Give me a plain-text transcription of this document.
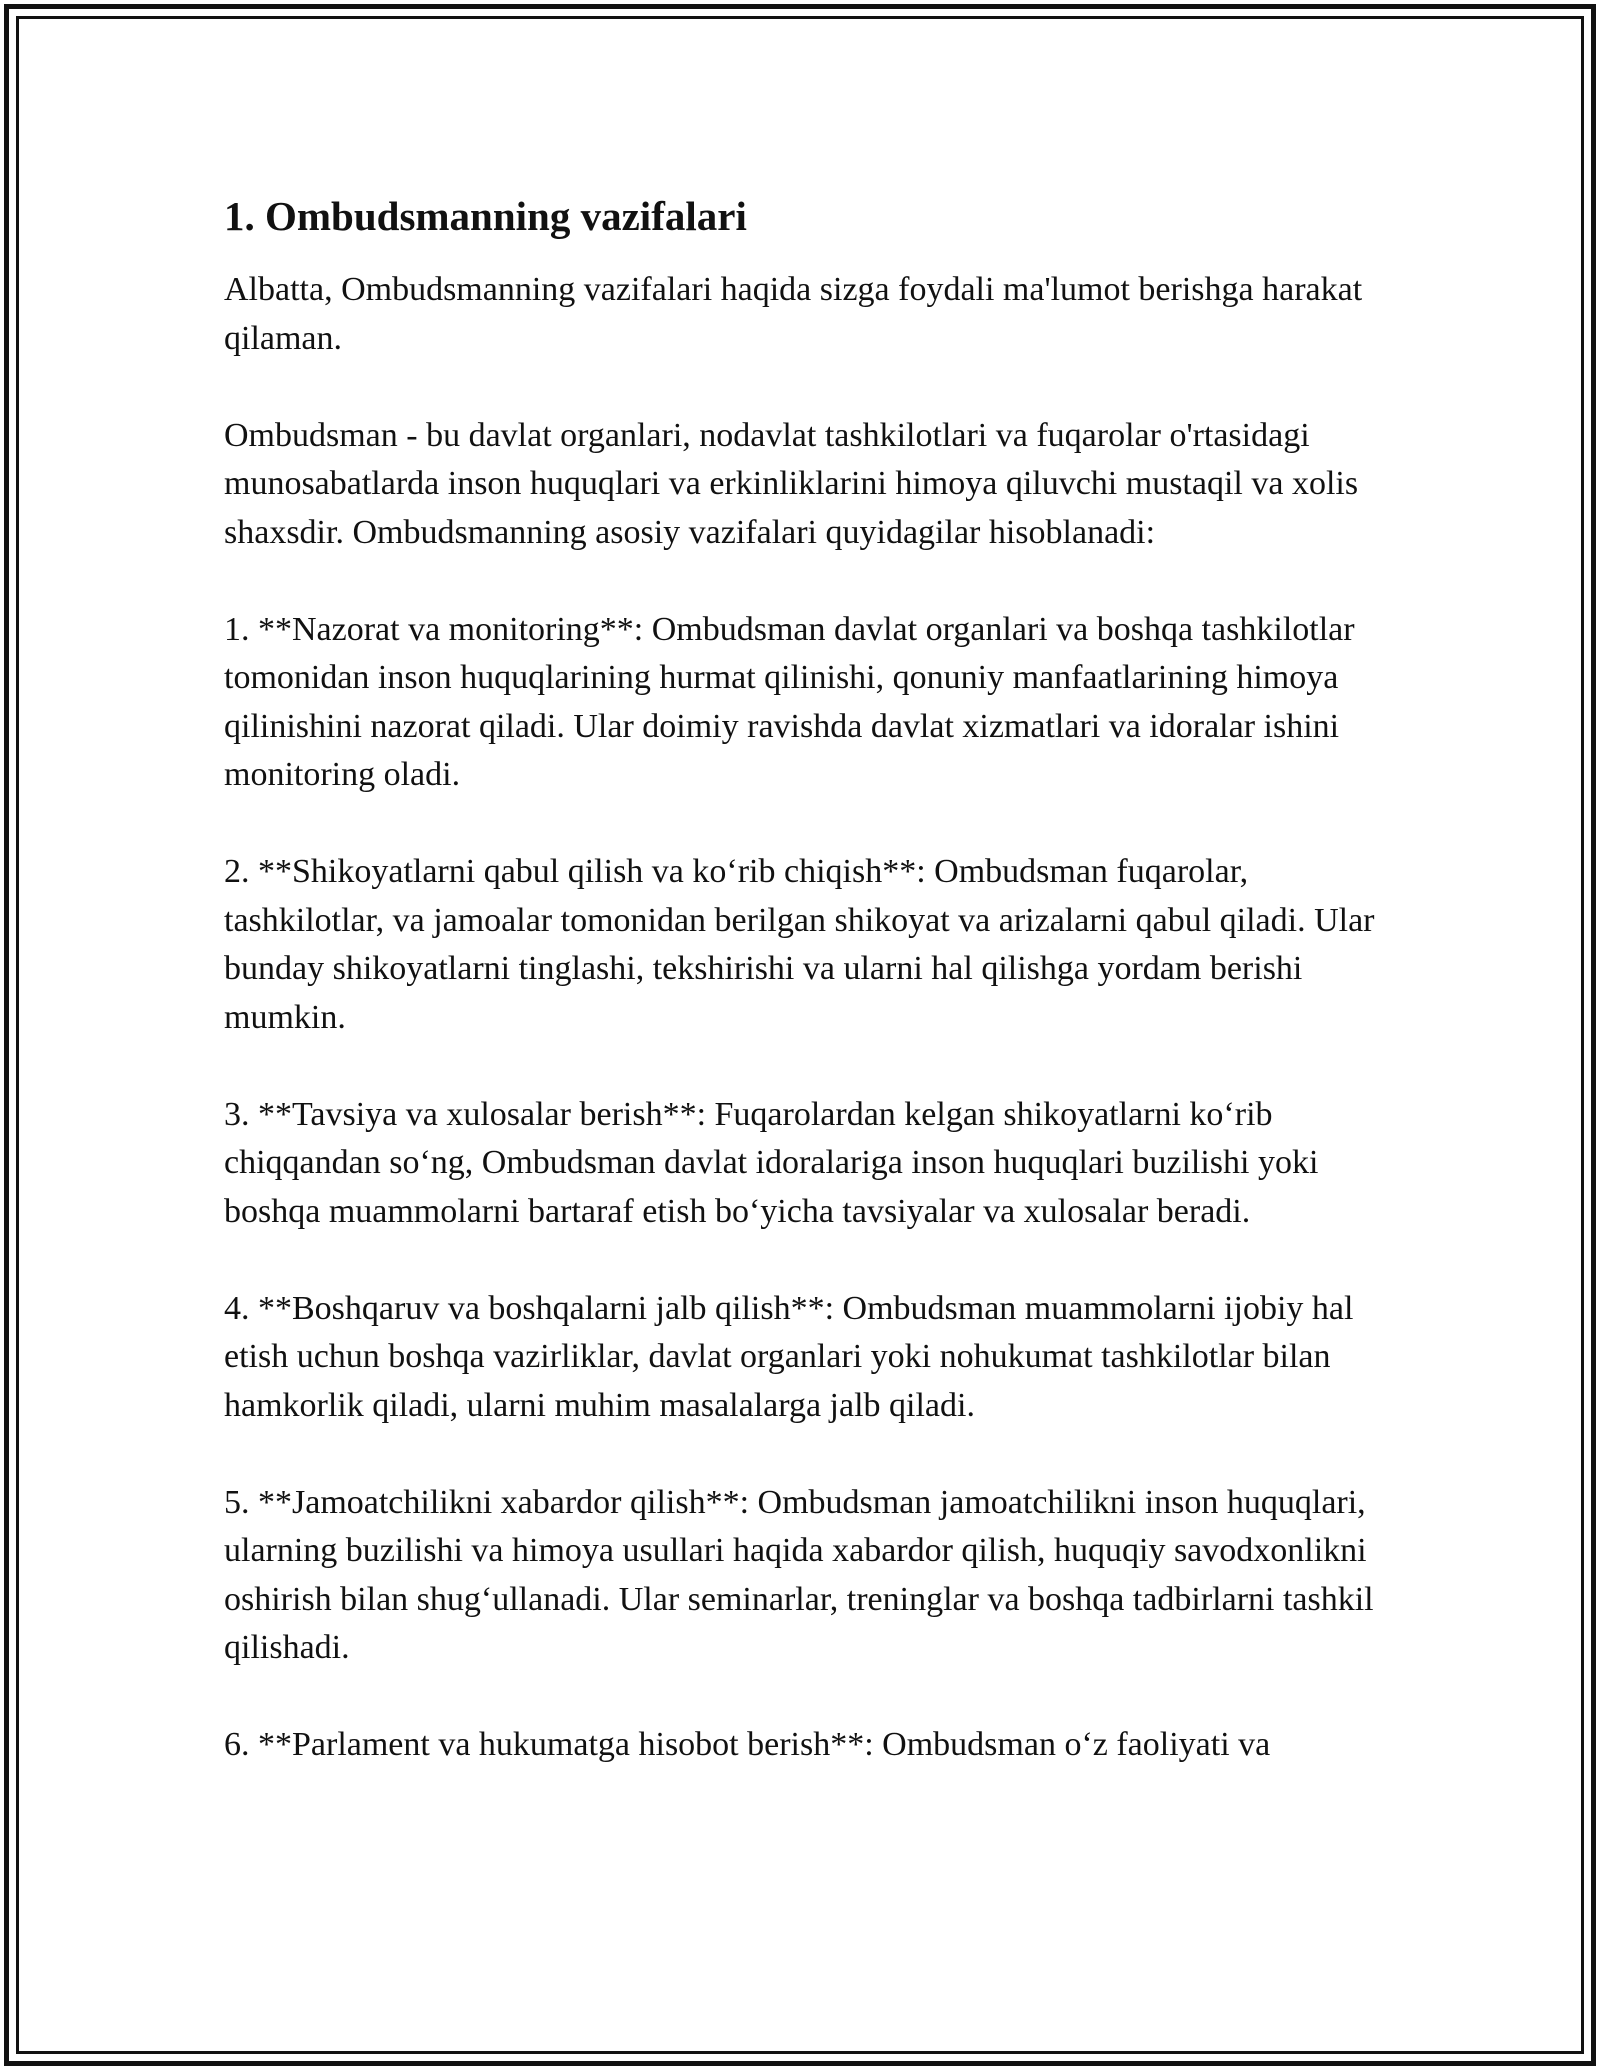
1. Ombudsmanning vazifalari

Albatta, Ombudsmanning vazifalari haqida sizga foydali ma'lumot berishga harakat qilaman.

Ombudsman - bu davlat organlari, nodavlat tashkilotlari va fuqarolar o'rtasidagi munosabatlarda inson huquqlari va erkinliklarini himoya qiluvchi mustaqil va xolis shaxsdir. Ombudsmanning asosiy vazifalari quyidagilar hisoblanadi:

1. **Nazorat va monitoring**: Ombudsman davlat organlari va boshqa tashkilotlar tomonidan inson huquqlarining hurmat qilinishi, qonuniy manfaatlarining himoya qilinishini nazorat qiladi. Ular doimiy ravishda davlat xizmatlari va idoralar ishini monitoring oladi.

2. **Shikoyatlarni qabul qilish va ko‘rib chiqish**: Ombudsman fuqarolar, tashkilotlar, va jamoalar tomonidan berilgan shikoyat va arizalarni qabul qiladi. Ular bunday shikoyatlarni tinglashi, tekshirishi va ularni hal qilishga yordam berishi mumkin.

3. **Tavsiya va xulosalar berish**: Fuqarolardan kelgan shikoyatlarni ko‘rib chiqqandan so‘ng, Ombudsman davlat idoralariga inson huquqlari buzilishi yoki boshqa muammolarni bartaraf etish bo‘yicha tavsiyalar va xulosalar beradi.

4. **Boshqaruv va boshqalarni jalb qilish**: Ombudsman muammolarni ijobiy hal etish uchun boshqa vazirliklar, davlat organlari yoki nohukumat tashkilotlar bilan hamkorlik qiladi, ularni muhim masalalarga jalb qiladi.

5. **Jamoatchilikni xabardor qilish**: Ombudsman jamoatchilikni inson huquqlari, ularning buzilishi va himoya usullari haqida xabardor qilish, huquqiy savodxonlikni oshirish bilan shug‘ullanadi. Ular seminarlar, treninglar va boshqa tadbirlarni tashkil qilishadi.

6. **Parlament va hukumatga hisobot berish**: Ombudsman o‘z faoliyati va
